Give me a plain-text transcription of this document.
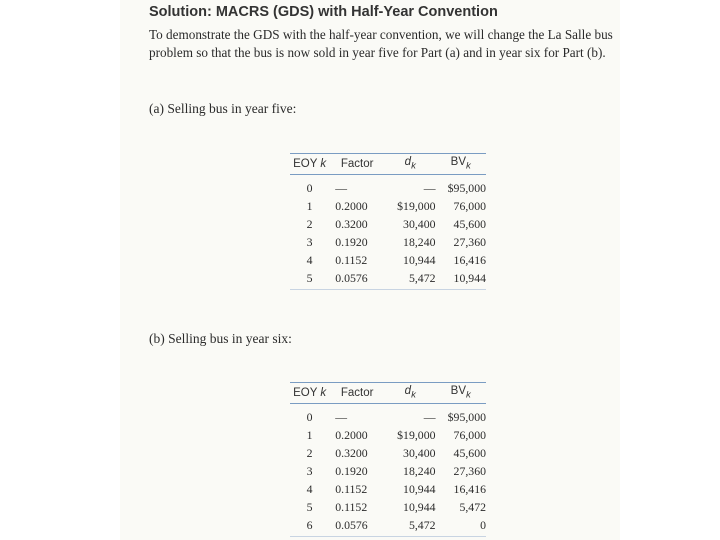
Solution: MACRS (GDS) with Half-Year Convention
To demonstrate the GDS with the half-year convention, we will change the La Salle bus problem so that the bus is now sold in year five for Part (a) and in year six for Part (b).
(a) Selling bus in year five:
EOY k	Factor	$d_k$	$BV_k$
0	—	—	$95,000
1	0.2000	$19,000	76,000
2	0.3200	30,400	45,600
3	0.1920	18,240	27,360
4	0.1152	10,944	16,416
5	0.0576	5,472	10,944
(b) Selling bus in year six:
EOY k	Factor	$d_k$	$BV_k$
0	—	—	$95,000
1	0.2000	$19,000	76,000
2	0.3200	30,400	45,600
3	0.1920	18,240	27,360
4	0.1152	10,944	16,416
5	0.1152	10,944	5,472
6	0.0576	5,472	0
